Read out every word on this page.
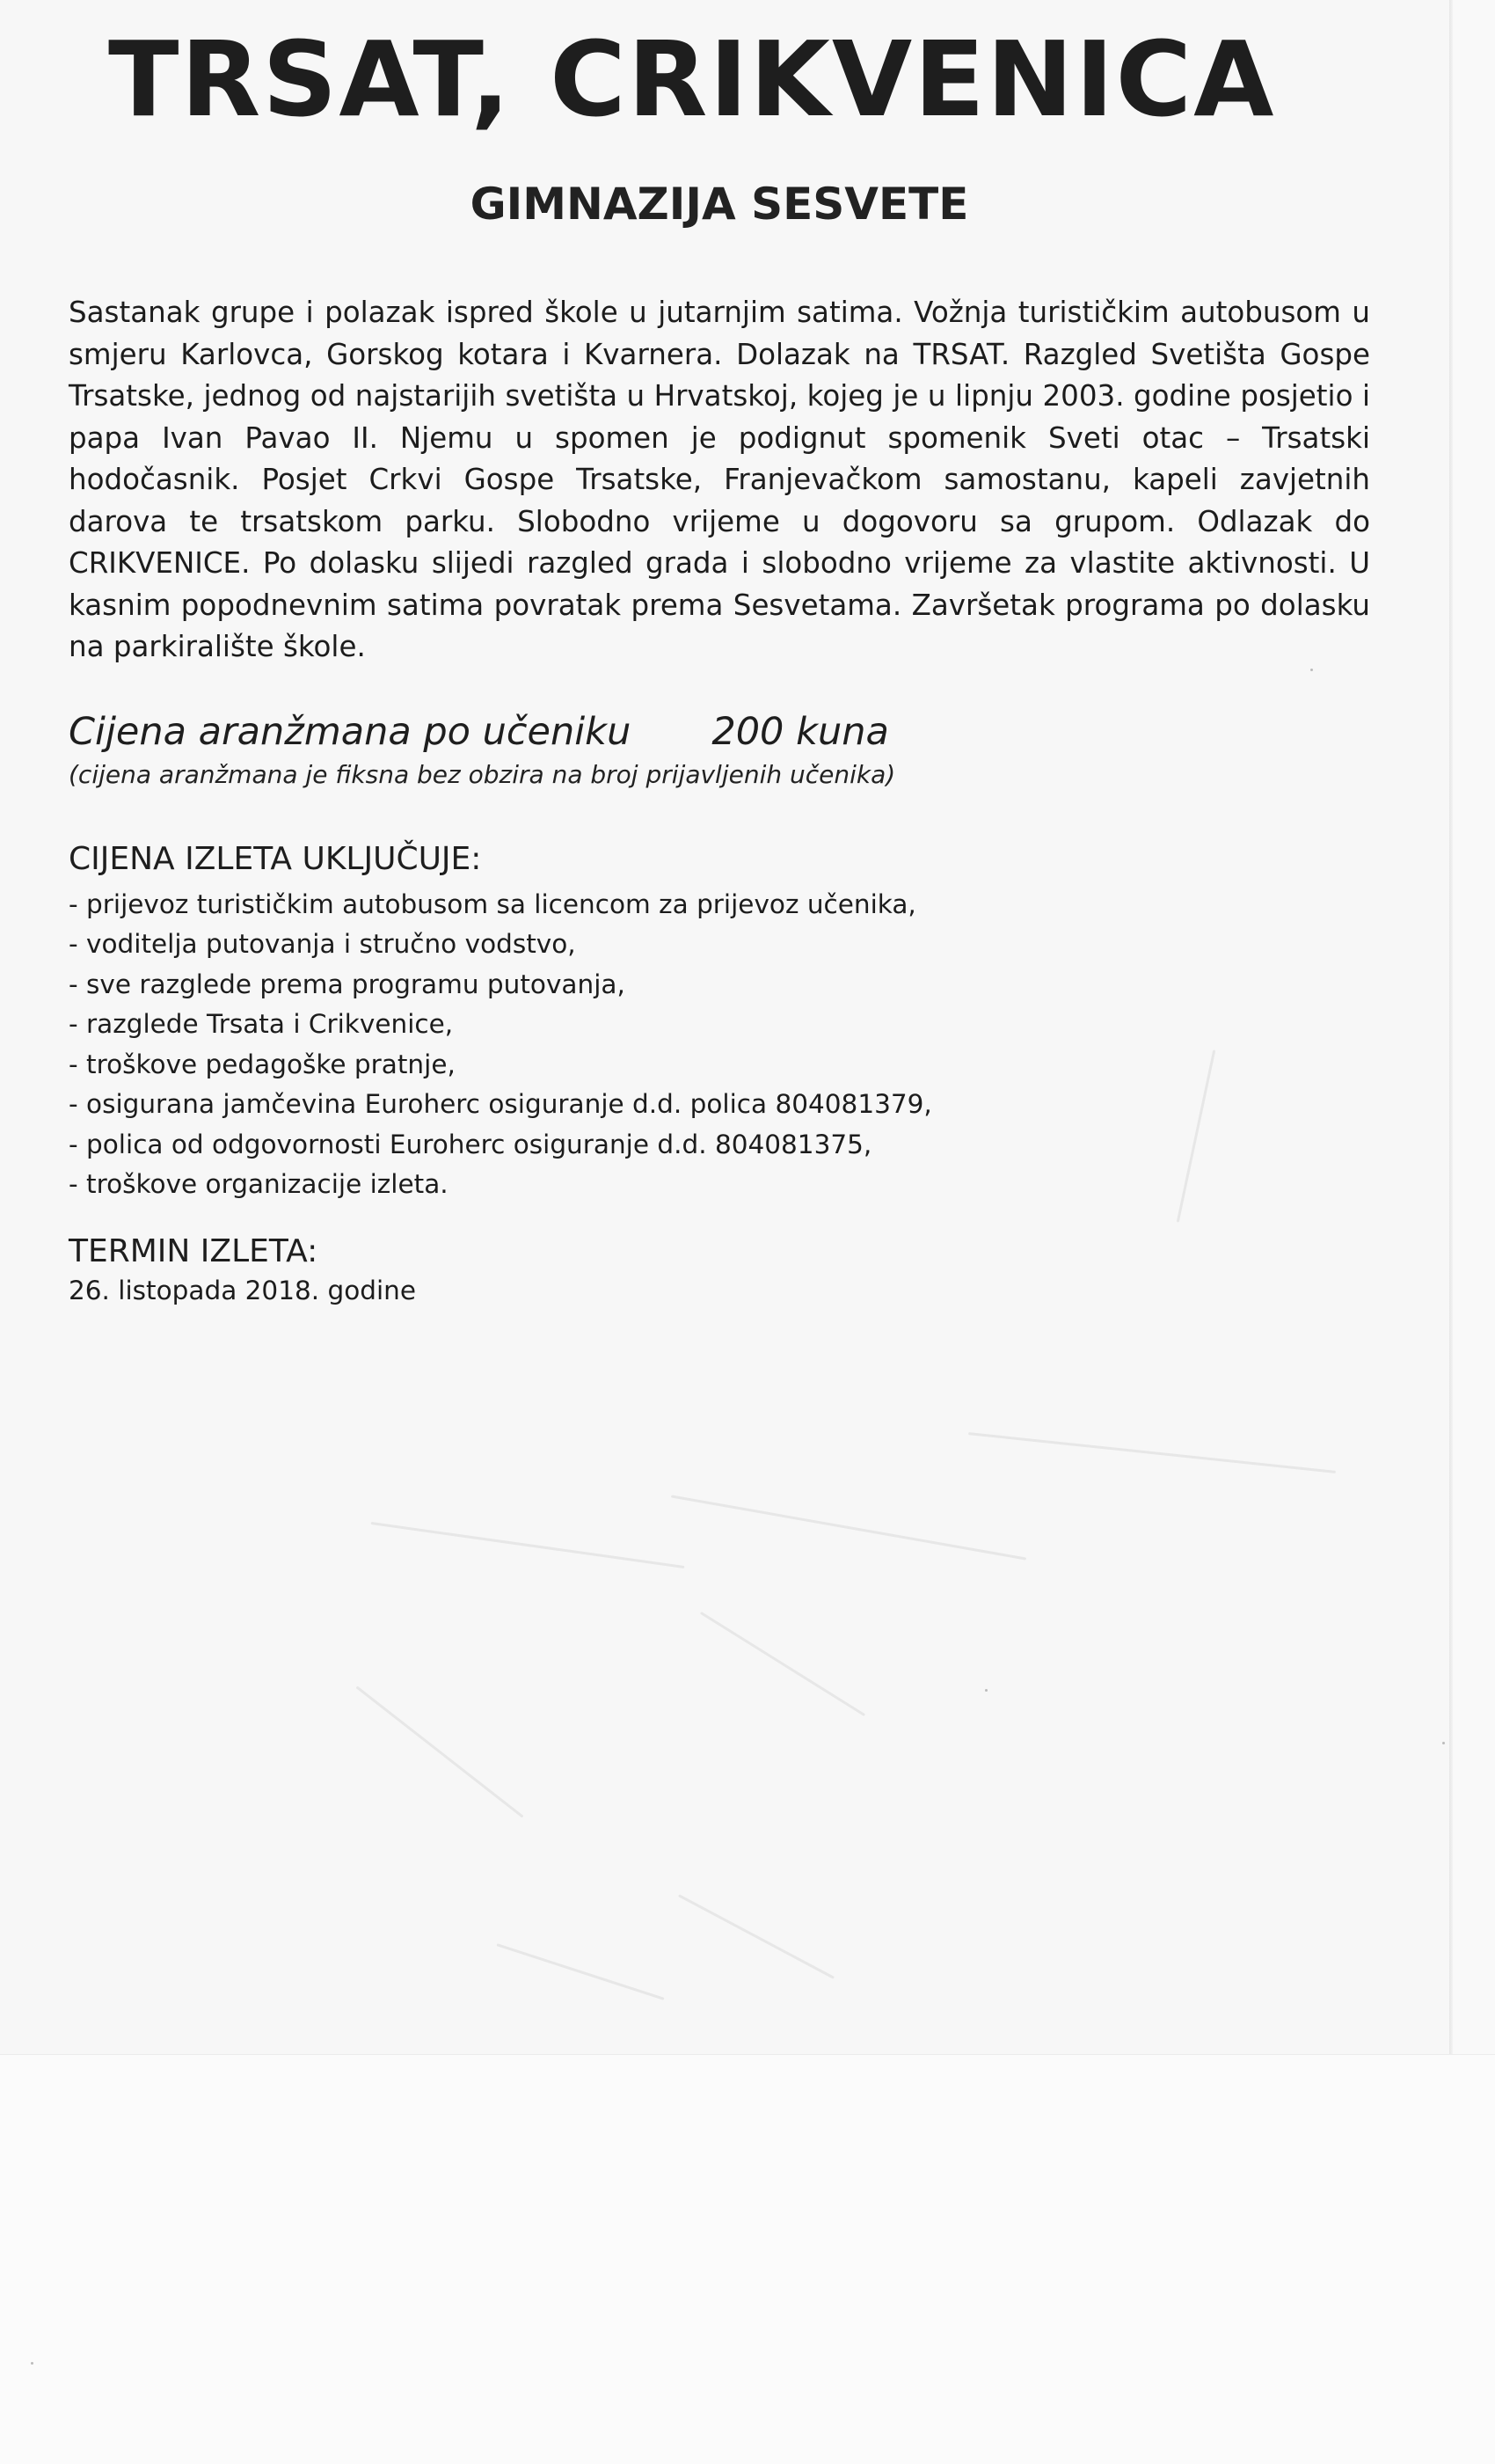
TRSAT, CRIKVENICA
GIMNAZIJA SESVETE

Sastanak grupe i polazak ispred škole u jutarnjim satima. Vožnja turističkim autobusom u smjeru Karlovca, Gorskog kotara i Kvarnera. Dolazak na TRSAT. Razgled Svetišta Gospe Trsatske, jednog od najstarijih svetišta u Hrvatskoj, kojeg je u lipnju 2003. godine posjetio i papa Ivan Pavao II. Njemu u spomen je podignut spomenik Sveti otac – Trsatski hodočasnik. Posjet Crkvi Gospe Trsatske, Franjevačkom samostanu, kapeli zavjetnih darova te trsatskom parku. Slobodno vrijeme u dogovoru sa grupom. Odlazak do CRIKVENICE. Po dolasku slijedi razgled grada i slobodno vrijeme za vlastite aktivnosti. U kasnim popodnevnim satima povratak prema Sesvetama. Završetak programa po dolasku na parkiralište škole.

Cijena aranžmana po učeniku 200 kuna
(cijena aranžmana je fiksna bez obzira na broj prijavljenih učenika)
CIJENA IZLETA UKLJUČUJE:
- prijevoz turističkim autobusom sa licencom za prijevoz učenika,
- voditelja putovanja i stručno vodstvo,
- sve razglede prema programu putovanja,
- razglede Trsata i Crikvenice,
- troškove pedagoške pratnje,
- osigurana jamčevina Euroherc osiguranje d.d. polica 804081379,
- polica od odgovornosti Euroherc osiguranje d.d. 804081375,
- troškove organizacije izleta.
TERMIN IZLETA:
26. listopada 2018. godine
